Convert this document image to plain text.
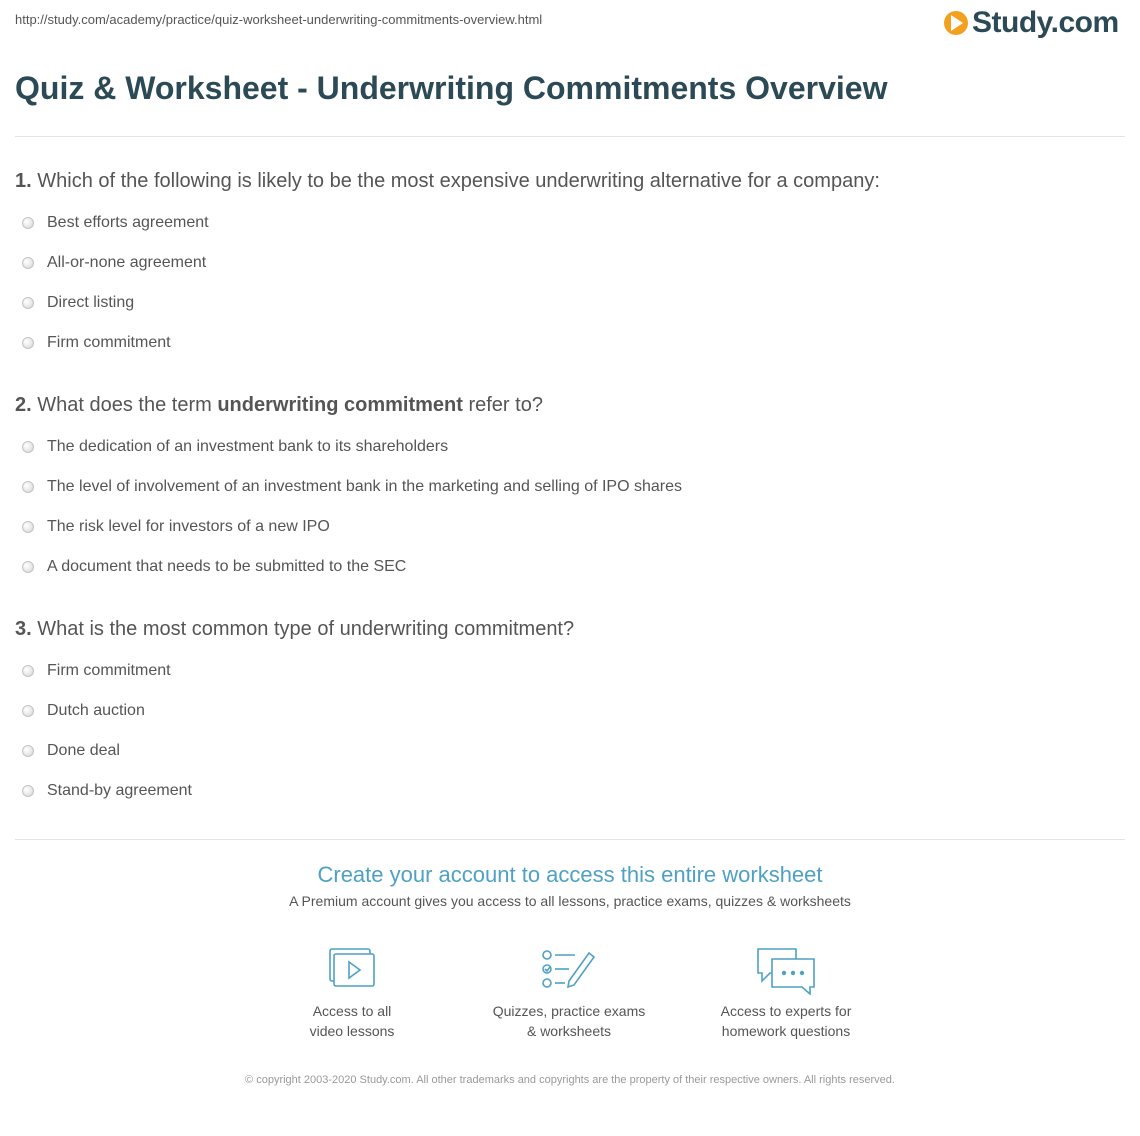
http://study.com/academy/practice/quiz-worksheet-underwriting-commitments-overview.html	Study.com
Quiz & Worksheet - Underwriting Commitments Overview
1. Which of the following is likely to be the most expensive underwriting alternative for a company:
Best efforts agreement
All-or-none agreement
Direct listing
Firm commitment
2. What does the term underwriting commitment refer to?
The dedication of an investment bank to its shareholders
The level of involvement of an investment bank in the marketing and selling of IPO shares
The risk level for investors of a new IPO
A document that needs to be submitted to the SEC
3. What is the most common type of underwriting commitment?
Firm commitment
Dutch auction
Done deal
Stand-by agreement
Create your account to access this entire worksheet
A Premium account gives you access to all lessons, practice exams, quizzes & worksheets
Access to all
video lessons
Quizzes, practice exams
& worksheets
Access to experts for
homework questions
© copyright 2003-2020 Study.com. All other trademarks and copyrights are the property of their respective owners. All rights reserved.
